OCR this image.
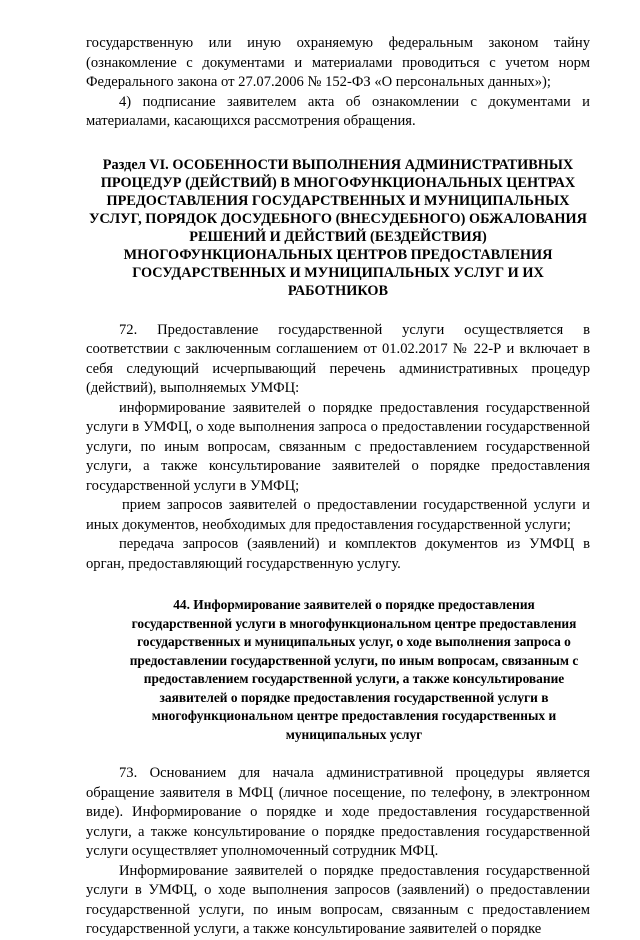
государственную или иную охраняемую федеральным законом тайну (ознакомление с документами и материалами проводиться с учетом норм Федерального закона от 27.07.2006 № 152-ФЗ «О персональных данных»);

4) подписание заявителем акта об ознакомлении с документами и материалами, касающихся рассмотрения обращения.

Раздел VI. ОСОБЕННОСТИ ВЫПОЛНЕНИЯ АДМИНИСТРАТИВНЫХ ПРОЦЕДУР (ДЕЙСТВИЙ) В МНОГОФУНКЦИОНАЛЬНЫХ ЦЕНТРАХ ПРЕДОСТАВЛЕНИЯ ГОСУДАРСТВЕННЫХ И МУНИЦИПАЛЬНЫХ УСЛУГ, ПОРЯДОК ДОСУДЕБНОГО (ВНЕСУДЕБНОГО) ОБЖАЛОВАНИЯ РЕШЕНИЙ И ДЕЙСТВИЙ (БЕЗДЕЙСТВИЯ) МНОГОФУНКЦИОНАЛЬНЫХ ЦЕНТРОВ ПРЕДОСТАВЛЕНИЯ ГОСУДАРСТВЕННЫХ И МУНИЦИПАЛЬНЫХ УСЛУГ И ИХ РАБОТНИКОВ

72. Предоставление государственной услуги осуществляется в соответствии с заключенным соглашением от 01.02.2017 № 22-Р и включает в себя следующий исчерпывающий перечень административных процедур (действий), выполняемых УМФЦ:

информирование заявителей о порядке предоставления государственной услуги в УМФЦ, о ходе выполнения запроса о предоставлении государственной услуги, по иным вопросам, связанным с предоставлением государственной услуги, а также консультирование заявителей о порядке предоставления государственной услуги в УМФЦ;

прием запросов заявителей о предоставлении государственной услуги и иных документов, необходимых для предоставления государственной услуги;

передача запросов (заявлений) и комплектов документов из УМФЦ в орган, предоставляющий государственную услугу.

44. Информирование заявителей о порядке предоставления государственной услуги в многофункциональном центре предоставления государственных и муниципальных услуг, о ходе выполнения запроса о предоставлении государственной услуги, по иным вопросам, связанным с предоставлением государственной услуги, а также консультирование заявителей о порядке предоставления государственной услуги в многофункциональном центре предоставления государственных и муниципальных услуг

73. Основанием для начала административной процедуры является обращение заявителя в МФЦ (личное посещение, по телефону, в электронном виде). Информирование о порядке и ходе предоставления государственной услуги, а также консультирование о порядке предоставления государственной услуги осуществляет уполномоченный сотрудник МФЦ.

Информирование заявителей о порядке предоставления государственной услуги в УМФЦ, о ходе выполнения запросов (заявлений) о предоставлении государственной услуги, по иным вопросам, связанным с предоставлением государственной услуги, а также консультирование заявителей о порядке
